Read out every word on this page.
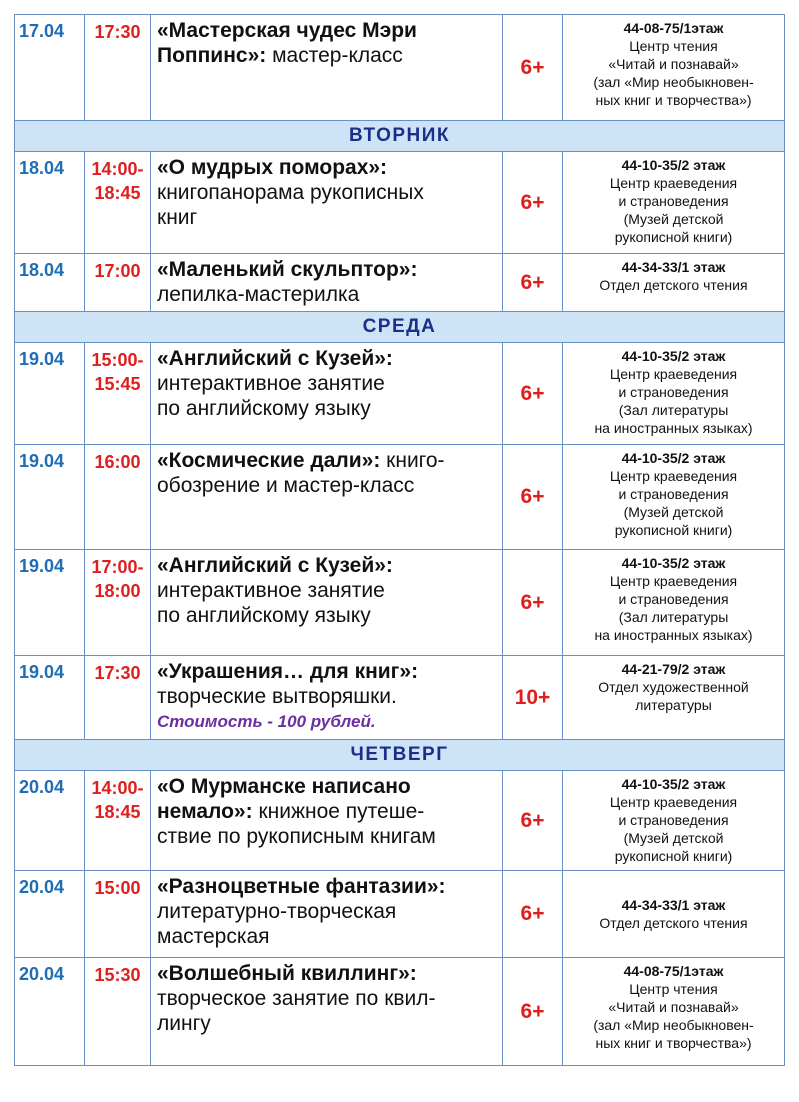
17.04	17:30	«Мастерская чудес Мэри
Поппинс»: мастер-класс	6+	44-08-75/1этаж
Центр чтения
«Читай и познавай»
(зал «Мир необыкновен-
ных книг и творчества»)

ВТОРНИК				
18.04	14:00-
18:45	«О мудрых поморах»:
книгопанорама рукописных
книг	6+	44-10-35/2 этаж
Центр краеведения
и страноведения
(Музей детской
рукописной книги)

18.04	17:00	«Маленький скульптор»:
лепилка-мастерилка	6+	44-34-33/1 этаж
Отдел детского чтения

СРЕДА				
19.04	15:00-
15:45	«Английский с Кузей»:
интерактивное занятие
по английскому языку	6+	44-10-35/2 этаж
Центр краеведения
и страноведения
(Зал литературы
на иностранных языках)

19.04	16:00	«Космические дали»: книго-
обозрение и мастер-класс	6+	44-10-35/2 этаж
Центр краеведения
и страноведения
(Музей детской
рукописной книги)

19.04	17:00-
18:00	«Английский с Кузей»:
интерактивное занятие
по английскому языку	6+	44-10-35/2 этаж
Центр краеведения
и страноведения
(Зал литературы
на иностранных языках)

19.04	17:30	«Украшения… для книг»:
творческие вытворяшки.
Стоимость - 100 рублей.	10+	44-21-79/2 этаж
Отдел художественной
литературы

ЧЕТВЕРГ				
20.04	14:00-
18:45	«О Мурманске написано
немало»: книжное путеше-
ствие по рукописным книгам	6+	44-10-35/2 этаж
Центр краеведения
и страноведения
(Музей детской
рукописной книги)

20.04	15:00	«Разноцветные фантазии»:
литературно-творческая
мастерская	6+	44-34-33/1 этаж
Отдел детского чтения

20.04	15:30	«Волшебный квиллинг»:
творческое занятие по квил-
лингу	6+	44-08-75/1этаж
Центр чтения
«Читай и познавай»
(зал «Мир необыкновен-
ных книг и творчества»)
